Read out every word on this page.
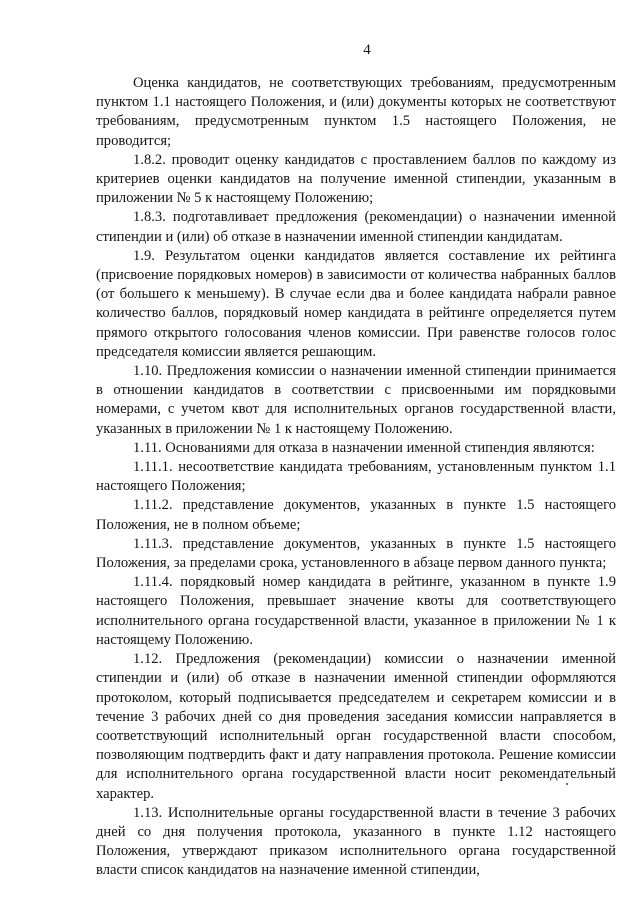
4

Оценка кандидатов, не соответствующих требованиям, предусмотренным пунктом 1.1 настоящего Положения, и (или) документы которых не соответствуют требованиям, предусмотренным пунктом 1.5 настоящего Положения, не проводится;

1.8.2. проводит оценку кандидатов с проставлением баллов по каждому из критериев оценки кандидатов на получение именной стипендии, указанным в приложении № 5 к настоящему Положению;

1.8.3. подготавливает предложения (рекомендации) о назначении именной стипендии и (или) об отказе в назначении именной стипендии кандидатам.

1.9. Результатом оценки кандидатов является составление их рейтинга (присвоение порядковых номеров) в зависимости от количества набранных баллов (от большего к меньшему). В случае если два и более кандидата набрали равное количество баллов, порядковый номер кандидата в рейтинге определяется путем прямого открытого голосования членов комиссии. При равенстве голосов голос председателя комиссии является решающим.

1.10. Предложения комиссии о назначении именной стипендии принимается в отношении кандидатов в соответствии с присвоенными им порядковыми номерами, с учетом квот для исполнительных органов государственной власти, указанных в приложении № 1 к настоящему Положению.

1.11. Основаниями для отказа в назначении именной стипендия являются:

1.11.1. несоответствие кандидата требованиям, установленным пунктом 1.1 настоящего Положения;

1.11.2. представление документов, указанных в пункте 1.5 настоящего Положения, не в полном объеме;

1.11.3. представление документов, указанных в пункте 1.5 настоящего Положения, за пределами срока, установленного в абзаце первом данного пункта;

1.11.4. порядковый номер кандидата в рейтинге, указанном в пункте 1.9 настоящего Положения, превышает значение квоты для соответствующего исполнительного органа государственной власти, указанное в приложении № 1 к настоящему Положению.

1.12. Предложения (рекомендации) комиссии о назначении именной стипендии и (или) об отказе в назначении именной стипендии оформляются протоколом, который подписывается председателем и секретарем комиссии и в течение 3 рабочих дней со дня проведения заседания комиссии направляется в соответствующий исполнительный орган государственной власти способом, позволяющим подтвердить факт и дату направления протокола. Решение комиссии для исполнительного органа государственной власти носит рекомендательный характер.

1.13. Исполнительные органы государственной власти в течение 3 рабочих дней со дня получения протокола, указанного в пункте 1.12 настоящего Положения, утверждают приказом исполнительного органа государственной власти список кандидатов на назначение именной стипендии,
